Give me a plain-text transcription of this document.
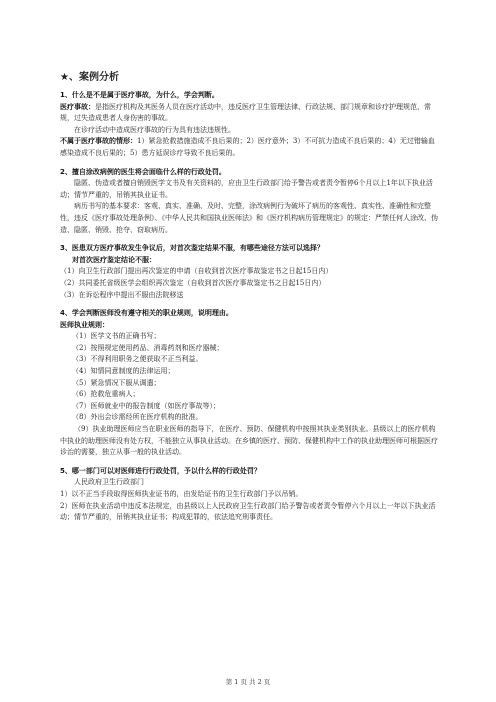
★、案例分析

1、什么是不是属于医疗事故，为什么，学会判断。

医疗事故：是指医疗机构及其医务人员在医疗活动中，违反医疗卫生管理法律、行政法规、部门规章和诊疗护理规范、常规，过失造成患者人身伤害的事故。

在诊疗活动中造成医疗事故的行为具有违法违规性。

不属于医疗事故的情形：1）紧急抢救措施造成不良后果的；2）医疗意外；3）不可抗力造成不良后果的；4）无过错输血感染造成不良后果的；5）患方延误诊疗导致不良后果的。

2、擅自涂改病例的医生将会面临什么样的行政处罚。

隐匿、伪造或者擅自销毁医学文书及有关资料的，应由卫生行政部门给予警告或者责令暂停6个月以上1年以下执业活动；情节严重的，吊销其执业证书。

病历书写的基本要求：客观、真实、准确、及时、完整，涂改病例行为破坏了病历的客观性、真实性、准确性和完整性，违反《医疗事故处理条例》、《中华人民共和国执业医师法》和《医疗机构病历管理规定》的规定：严禁任何人涂改、伪造、隐匿、销毁、抢夺、窃取病历。

3、医患双方医疗事故发生争议后，对首次鉴定结果不服，有哪些途径方法可以选择？

对首次医疗鉴定结论不服：

（1）向卫生行政部门提出再次鉴定的申请（自收到首次医疗事故鉴定书之日起15日内）

（2）共同委托省级医学会组织再次鉴定（自收到首次医疗事故鉴定书之日起15日内）

（3）在诉讼程序中提出不服由法院移送

4、学会判断医师没有遵守相关的职业规则，说明理由。

医师执业规则：

（1）医学文书的正确书写；

（2）按照规定使用药品、消毒药剂和医疗器械；

（3）不得利用职务之便获取不正当利益。

（4）知情同意制度的法律运用；

（5）紧急情况下服从调遣；

（6）抢救危重病人；

（7）医师就业中的报告制度（如医疗事故等）；

（8）外出会诊需经所在医疗机构的批准。

（9）执业助理医师应当在职业医师的指导下，在医疗、预防、保健机构中按照其执业类别执业。县级以上的医疗机构中执业的助理医师没有处方权，不能独立从事执业活动。在乡镇的医疗、预防、保健机构中工作的执业助理医师可根据医疗诊治的需要，独立从事一般的执业活动。

5、哪一部门可以对医师进行行政处罚，予以什么样的行政处罚？

人民政府卫生行政部门

1）以不正当手段取得医师执业证书的，由发给证书的卫生行政部门予以吊销。

2）医师在执业活动中违反本法规定，由县级以上人民政府卫生行政部门给予警告或者责令暂停六个月以上一年以下执业活动；情节严重的，吊销其执业证书；构成犯罪的，依法追究刑事责任。

第 1 页 共 2 页
